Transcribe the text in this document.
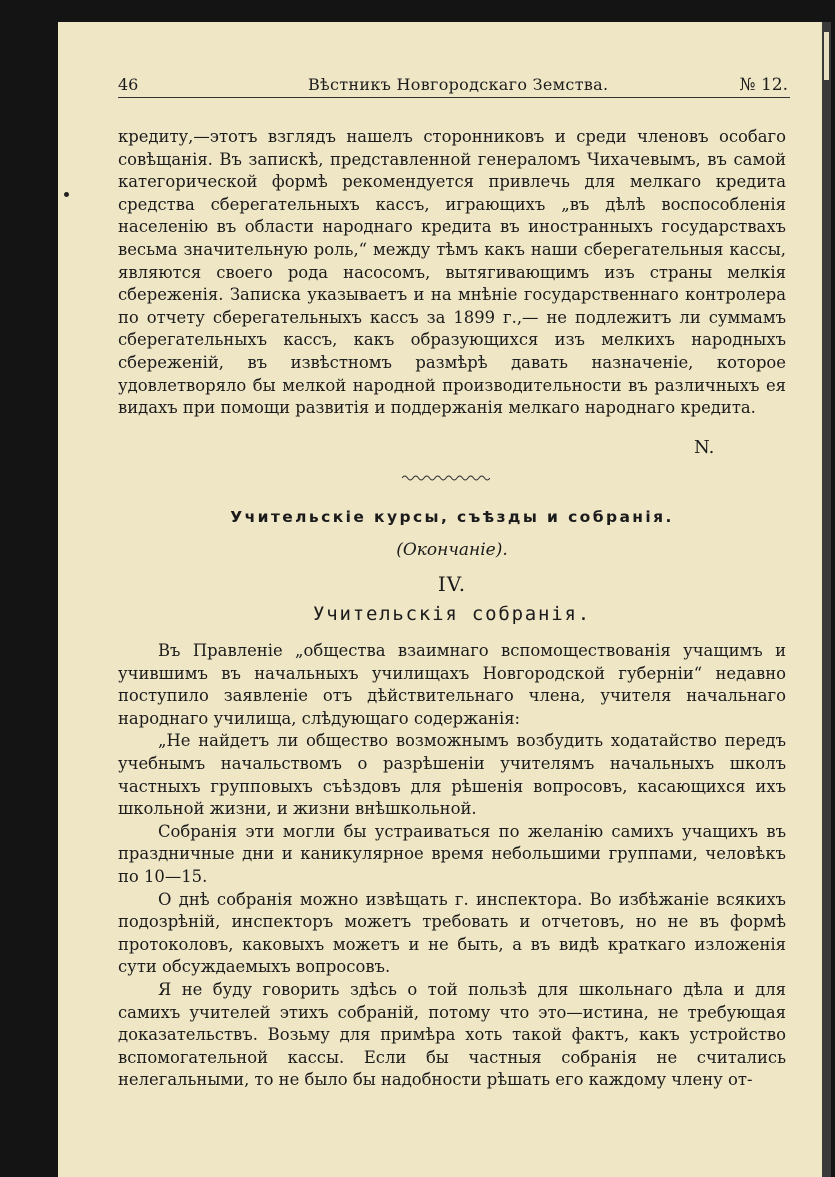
46	Вѣстникъ Новгородскаго Земства.	№ 12.

кредиту,—этотъ взглядъ нашелъ сторонниковъ и среди членовъ особаго совѣщанія. Въ запискѣ, представленной генераломъ Чихачевымъ, въ самой категорической формѣ рекомендуется привлечь для мелкаго кредита средства сберегательныхъ кассъ, играющихъ „въ дѣлѣ воспособленія населенію въ области народнаго кредита въ иностранныхъ государствахъ весьма значительную роль,“ между тѣмъ какъ наши сберегательныя кассы, являются своего рода насосомъ, вытягивающимъ изъ страны мелкія сбереженія. Записка указываетъ и на мнѣніе государственнаго контролера по отчету сберегательныхъ кассъ за 1899 г.,— не подлежитъ ли суммамъ сберегательныхъ кассъ, какъ образующихся изъ мелкихъ народныхъ сбереженій, въ извѣстномъ размѣрѣ давать назначеніе, которое удовлетворяло бы мелкой народной производительности въ различныхъ ея видахъ при помощи развитія и поддержанія мелкаго народнаго кредита.

N.
Учительскіе курсы, съѣзды и собранія.
(Окончаніе).
IV.
Учительскія собранія.

Въ Правленіе „общества взаимнаго вспомоществованія учащимъ и учившимъ въ начальныхъ училищахъ Новгородской губерніи“ недавно поступило заявленіе отъ дѣйствительнаго члена, учителя начальнаго народнаго училища, слѣдующаго содержанія:

„Не найдетъ ли общество возможнымъ возбудить ходатайство передъ учебнымъ начальствомъ о разрѣшеніи учителямъ начальныхъ школъ частныхъ групповыхъ съѣздовъ для рѣшенія вопросовъ, касающихся ихъ школьной жизни, и жизни внѣшкольной.

Собранія эти могли бы устраиваться по желанію самихъ учащихъ въ праздничные дни и каникулярное время небольшими группами, человѣкъ по 10—15.

О днѣ собранія можно извѣщать г. инспектора. Во избѣжаніе всякихъ подозрѣній, инспекторъ можетъ требовать и отчетовъ, но не въ формѣ протоколовъ, каковыхъ можетъ и не быть, а въ видѣ краткаго изложенія сути обсуждаемыхъ вопросовъ.

Я не буду говорить здѣсь о той пользѣ для школьнаго дѣла и для самихъ учителей этихъ собраній, потому что это—истина, не требующая доказательствъ. Возьму для примѣра хоть такой фактъ, какъ устройство вспомогательной кассы. Если бы частныя собранія не считались нелегальными, то не было бы надобности рѣшать его каждому члену от-
